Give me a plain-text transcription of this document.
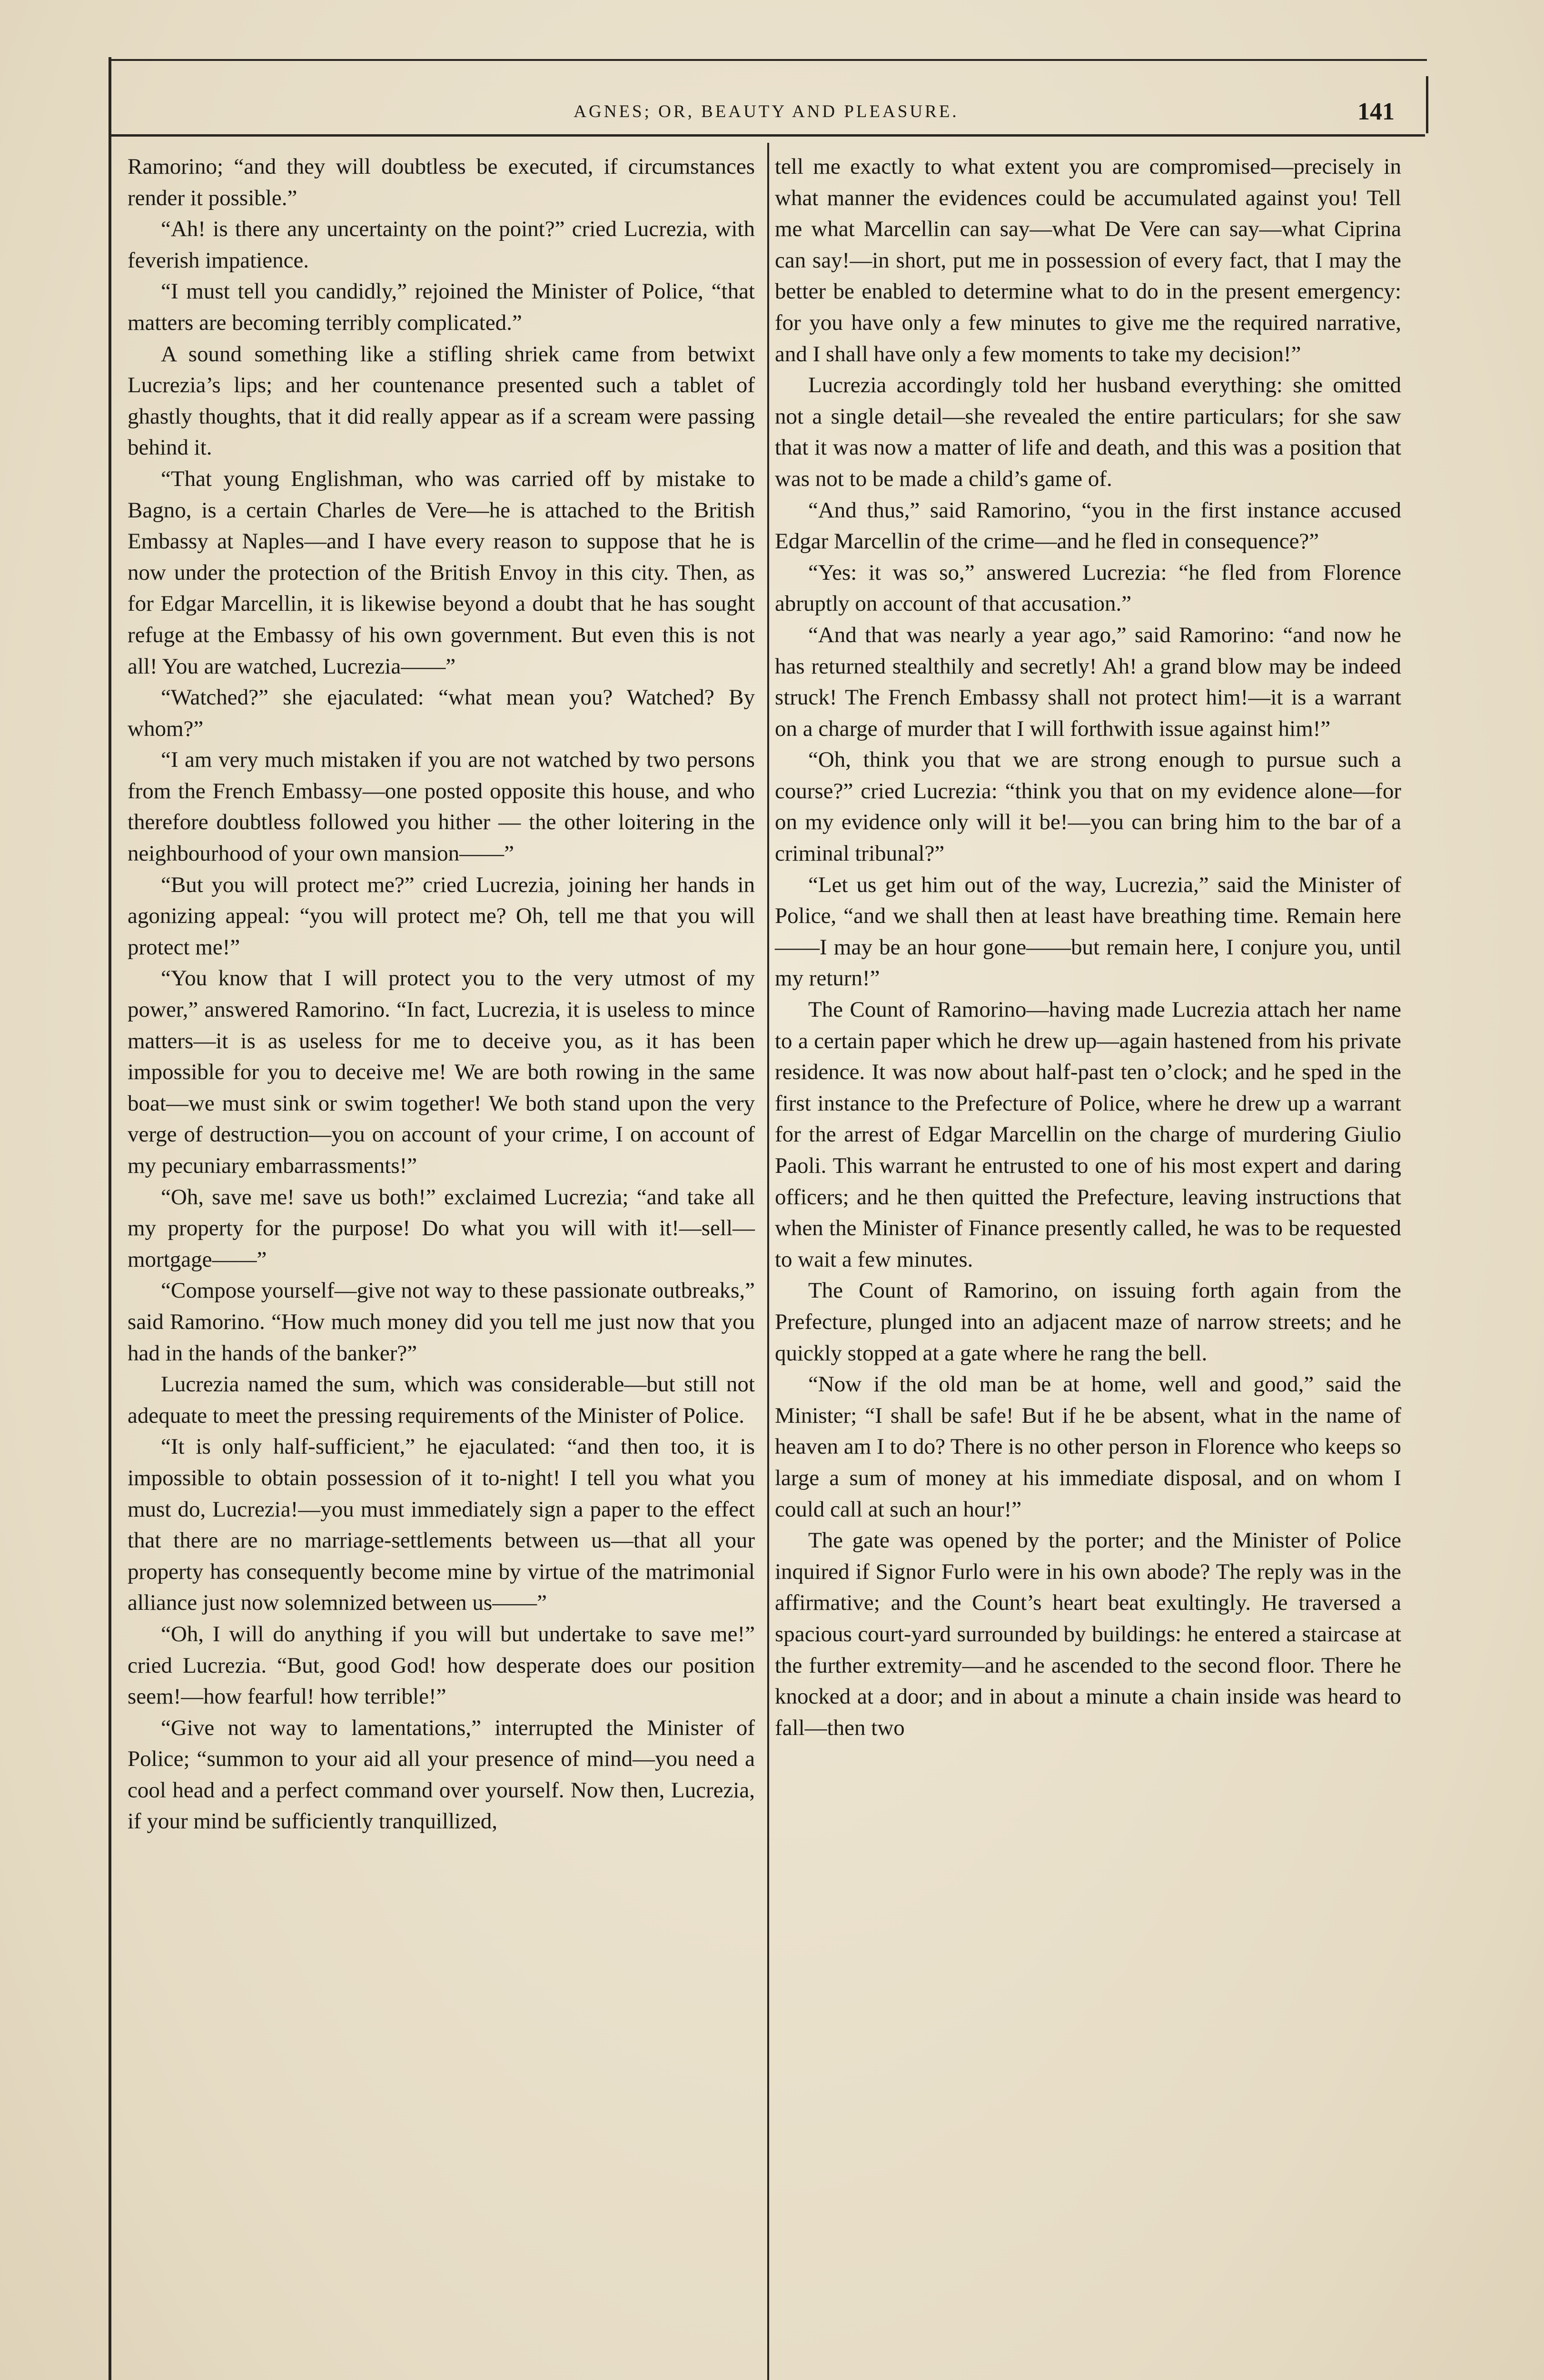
AGNES; OR, BEAUTY AND PLEASURE.	141

Ramorino; “and they will doubtless be executed, if circumstances render it possible.”

“Ah! is there any uncertainty on the point?” cried Lucrezia, with feverish impatience.

“I must tell you candidly,” rejoined the Minister of Police, “that matters are becoming terribly complicated.”

A sound something like a stifling shriek came from betwixt Lucrezia’s lips; and her countenance presented such a tablet of ghastly thoughts, that it did really appear as if a scream were passing behind it.

“That young Englishman, who was carried off by mistake to Bagno, is a certain Charles de Vere—he is attached to the British Embassy at Naples—and I have every reason to suppose that he is now under the protection of the British Envoy in this city. Then, as for Edgar Marcellin, it is likewise beyond a doubt that he has sought refuge at the Embassy of his own government. But even this is not all! You are watched, Lucrezia——”

“Watched?” she ejaculated: “what mean you? Watched? By whom?”

“I am very much mistaken if you are not watched by two persons from the French Embassy—one posted opposite this house, and who therefore doubtless followed you hither — the other loitering in the neighbourhood of your own mansion——”

“But you will protect me?” cried Lucrezia, joining her hands in agonizing appeal: “you will protect me? Oh, tell me that you will protect me!”

“You know that I will protect you to the very utmost of my power,” answered Ramorino. “In fact, Lucrezia, it is useless to mince matters—it is as useless for me to deceive you, as it has been impossible for you to deceive me! We are both rowing in the same boat—we must sink or swim together! We both stand upon the very verge of destruction—you on account of your crime, I on account of my pecuniary embarrassments!”

“Oh, save me! save us both!” exclaimed Lucrezia; “and take all my property for the purpose! Do what you will with it!—sell—mortgage——”

“Compose yourself—give not way to these passionate outbreaks,” said Ramorino. “How much money did you tell me just now that you had in the hands of the banker?”

Lucrezia named the sum, which was considerable—but still not adequate to meet the pressing requirements of the Minister of Police.

“It is only half-sufficient,” he ejaculated: “and then too, it is impossible to obtain possession of it to-night! I tell you what you must do, Lucrezia!—you must immediately sign a paper to the effect that there are no marriage-settlements between us—that all your property has consequently become mine by virtue of the matrimonial alliance just now solemnized between us——”

“Oh, I will do anything if you will but undertake to save me!” cried Lucrezia. “But, good God! how desperate does our position seem!—how fearful! how terrible!”

“Give not way to lamentations,” interrupted the Minister of Police; “summon to your aid all your presence of mind—you need a cool head and a perfect command over yourself. Now then, Lucrezia, if your mind be sufficiently tranquillized,

tell me exactly to what extent you are compromised—precisely in what manner the evidences could be accumulated against you! Tell me what Marcellin can say—what De Vere can say—what Ciprina can say!—in short, put me in possession of every fact, that I may the better be enabled to determine what to do in the present emergency: for you have only a few minutes to give me the required narrative, and I shall have only a few moments to take my decision!”

Lucrezia accordingly told her husband everything: she omitted not a single detail—she revealed the entire particulars; for she saw that it was now a matter of life and death, and this was a position that was not to be made a child’s game of.

“And thus,” said Ramorino, “you in the first instance accused Edgar Marcellin of the crime—and he fled in consequence?”

“Yes: it was so,” answered Lucrezia: “he fled from Florence abruptly on account of that accusation.”

“And that was nearly a year ago,” said Ramorino: “and now he has returned stealthily and secretly! Ah! a grand blow may be indeed struck! The French Embassy shall not protect him!—it is a warrant on a charge of murder that I will forthwith issue against him!”

“Oh, think you that we are strong enough to pursue such a course?” cried Lucrezia: “think you that on my evidence alone—for on my evidence only will it be!—you can bring him to the bar of a criminal tribunal?”

“Let us get him out of the way, Lucrezia,” said the Minister of Police, “and we shall then at least have breathing time. Remain here——I may be an hour gone——but remain here, I conjure you, until my return!”

The Count of Ramorino—having made Lucrezia attach her name to a certain paper which he drew up—again hastened from his private residence. It was now about half-past ten o’clock; and he sped in the first instance to the Prefecture of Police, where he drew up a warrant for the arrest of Edgar Marcellin on the charge of murdering Giulio Paoli. This warrant he entrusted to one of his most expert and daring officers; and he then quitted the Prefecture, leaving instructions that when the Minister of Finance presently called, he was to be requested to wait a few minutes.

The Count of Ramorino, on issuing forth again from the Prefecture, plunged into an adjacent maze of narrow streets; and he quickly stopped at a gate where he rang the bell.

“Now if the old man be at home, well and good,” said the Minister; “I shall be safe! But if he be absent, what in the name of heaven am I to do? There is no other person in Florence who keeps so large a sum of money at his immediate disposal, and on whom I could call at such an hour!”

The gate was opened by the porter; and the Minister of Police inquired if Signor Furlo were in his own abode? The reply was in the affirmative; and the Count’s heart beat exultingly. He traversed a spacious court-yard surrounded by buildings: he entered a staircase at the further extremity—and he ascended to the second floor. There he knocked at a door; and in about a minute a chain inside was heard to fall—then two
